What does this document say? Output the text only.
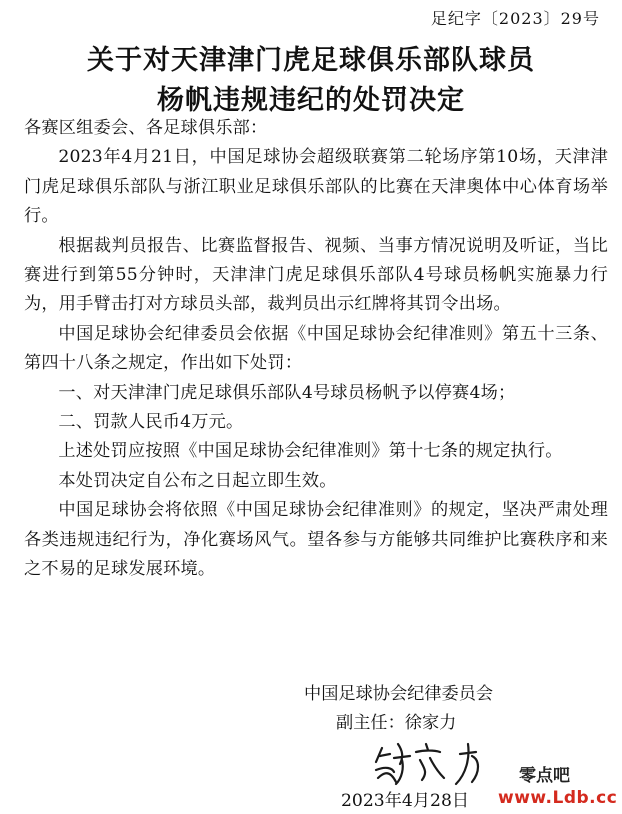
足纪字〔2023〕29号
关于对天津津门虎足球俱乐部队球员
杨帆违规违纪的处罚决定

各赛区组委会、各足球俱乐部：

2023年4月21日，中国足球协会超级联赛第二轮场序第10场，天津津门虎足球俱乐部队与浙江职业足球俱乐部队的比赛在天津奥体中心体育场举行。

根据裁判员报告、比赛监督报告、视频、当事方情况说明及听证，当比赛进行到第55分钟时，天津津门虎足球俱乐部队4号球员杨帆实施暴力行为，用手臂击打对方球员头部，裁判员出示红牌将其罚令出场。

中国足球协会纪律委员会依据《中国足球协会纪律准则》第五十三条、第四十八条之规定，作出如下处罚：

一、对天津津门虎足球俱乐部队4号球员杨帆予以停赛4场；

二、罚款人民币4万元。

上述处罚应按照《中国足球协会纪律准则》第十七条的规定执行。

本处罚决定自公布之日起立即生效。

中国足球协会将依照《中国足球协会纪律准则》的规定，坚决严肃处理各类违规违纪行为，净化赛场风气。望各参与方能够共同维护比赛秩序和来之不易的足球发展环境。

中国足球协会纪律委员会
副主任：徐家力
零点吧
2023年4月28日 www.Ldb.cc
